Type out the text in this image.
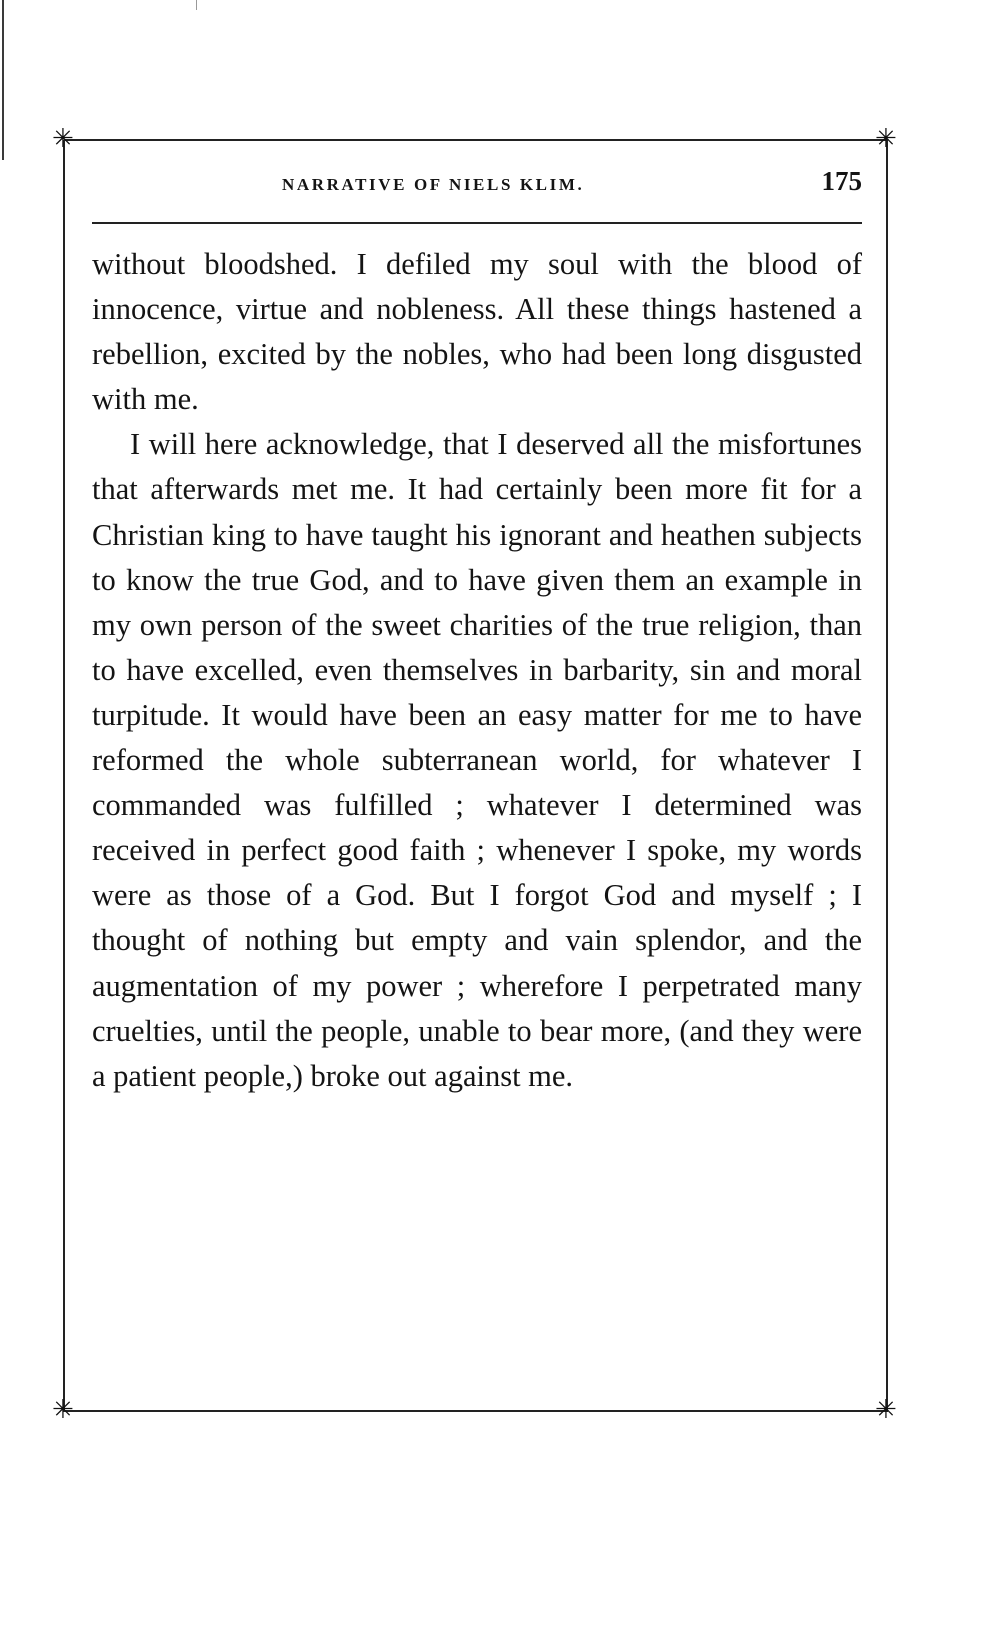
✳	✳
✳	✳
NARRATIVE OF NIELS KLIM.	175

without bloodshed. I defiled my soul with the blood of innocence, virtue and nobleness. All these things hastened a rebellion, excited by the nobles, who had been long disgusted with me.

I will here acknowledge, that I deserved all the misfortunes that afterwards met me. It had certainly been more fit for a Christian king to have taught his ignorant and heathen subjects to know the true God, and to have given them an example in my own person of the sweet charities of the true religion, than to have excelled, even themselves in barbarity, sin and moral turpitude. It would have been an easy matter for me to have reformed the whole subterranean world, for whatever I commanded was fulfilled ; whatever I determined was received in perfect good faith ; whenever I spoke, my words were as those of a God. But I forgot God and myself ; I thought of nothing but empty and vain splendor, and the augmentation of my power ; wherefore I perpetrated many cruelties, until the people, unable to bear more, (and they were a patient people,) broke out against me.
